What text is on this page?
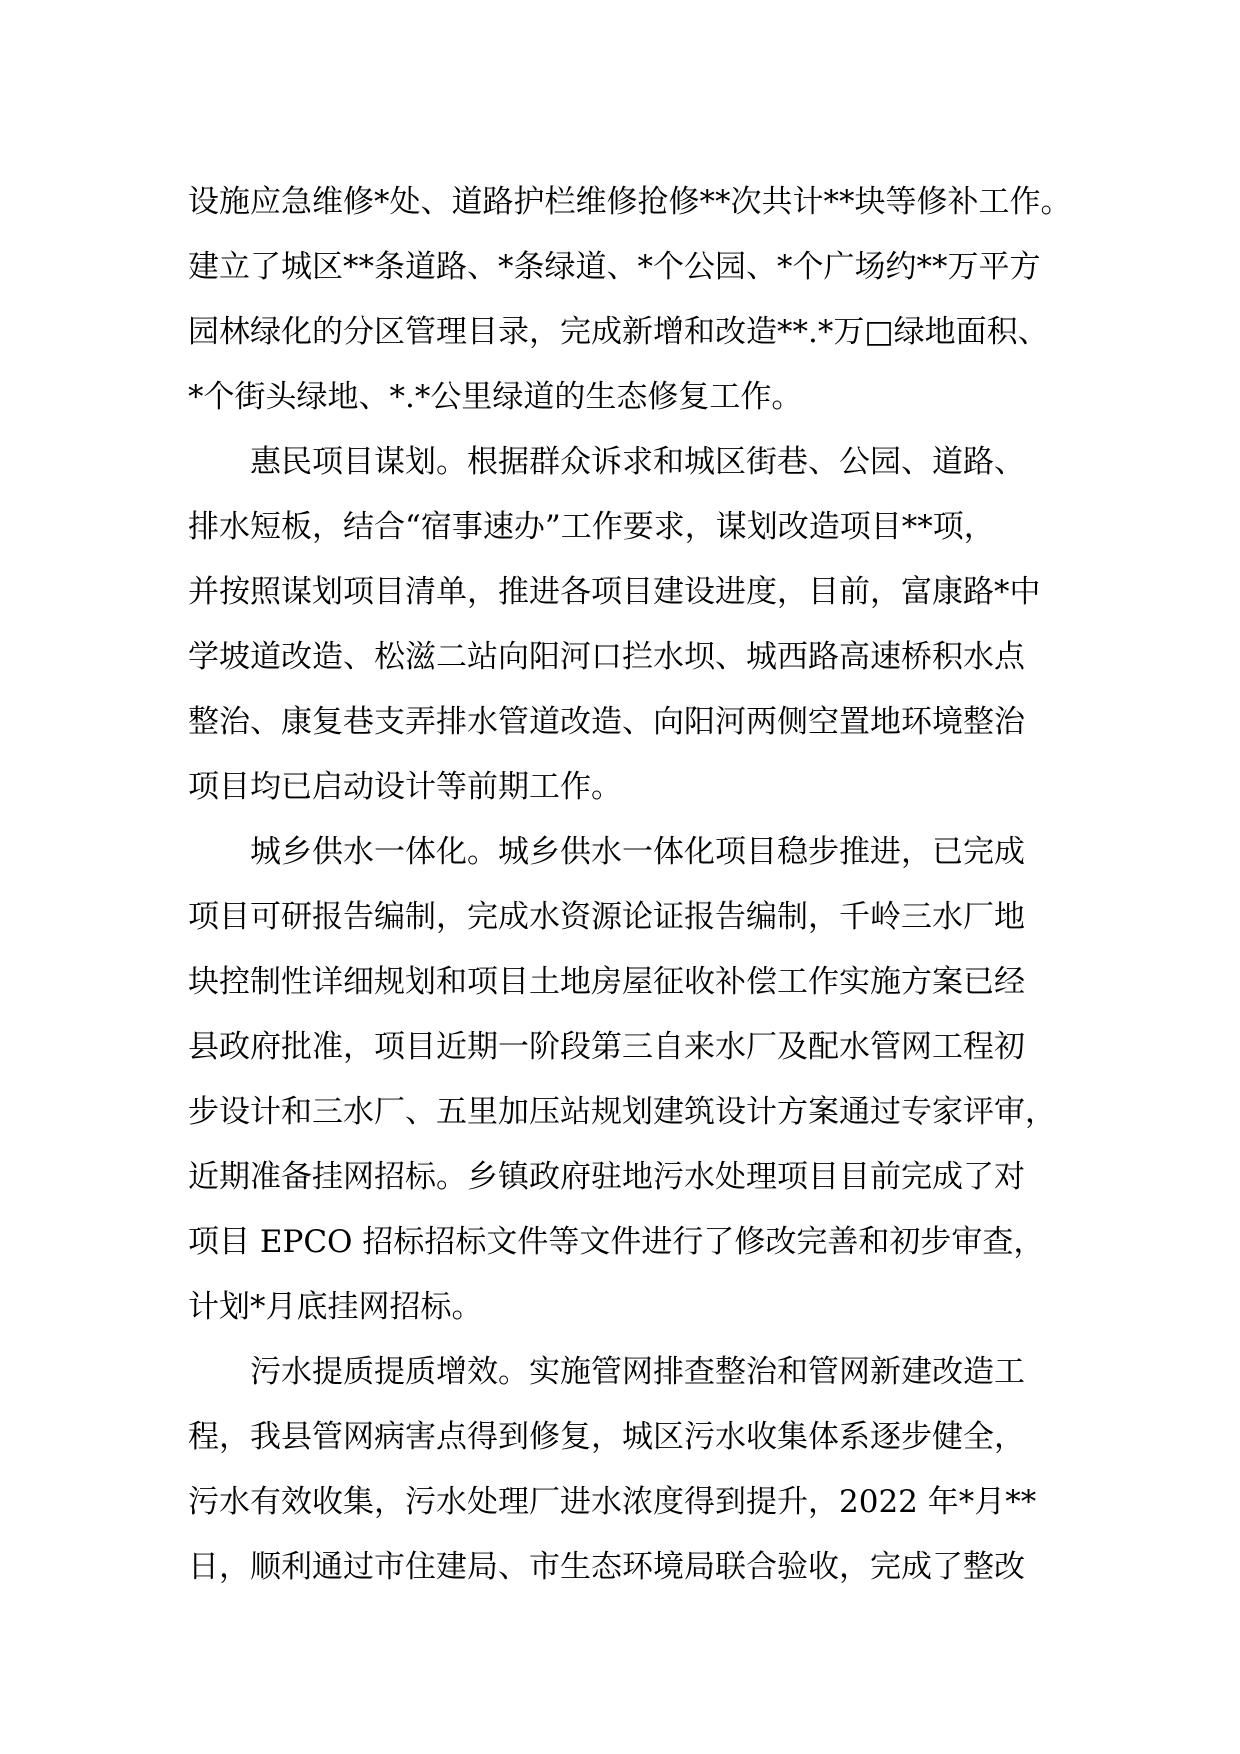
设施应急维修*处、道路护栏维修抢修**次共计**块等修补工作。
建立了城区**条道路、*条绿道、*个公园、*个广场约**万平方
园林绿化的分区管理目录，完成新增和改造**.*万□绿地面积、
*个街头绿地、*.*公里绿道的生态修复工作。
惠民项目谋划。根据群众诉求和城区街巷、公园、道路、
排水短板，结合“宿事速办”工作要求，谋划改造项目**项，
并按照谋划项目清单，推进各项目建设进度，目前，富康路*中
学坡道改造、松滋二站向阳河口拦水坝、城西路高速桥积水点
整治、康复巷支弄排水管道改造、向阳河两侧空置地环境整治
项目均已启动设计等前期工作。
城乡供水一体化。城乡供水一体化项目稳步推进，已完成
项目可研报告编制，完成水资源论证报告编制，千岭三水厂地
块控制性详细规划和项目土地房屋征收补偿工作实施方案已经
县政府批准，项目近期一阶段第三自来水厂及配水管网工程初
步设计和三水厂、五里加压站规划建筑设计方案通过专家评审，
近期准备挂网招标。乡镇政府驻地污水处理项目目前完成了对
项目 EPCO 招标招标文件等文件进行了修改完善和初步审查，
计划*月底挂网招标。
污水提质提质增效。实施管网排查整治和管网新建改造工
程，我县管网病害点得到修复，城区污水收集体系逐步健全，
污水有效收集，污水处理厂进水浓度得到提升，2022 年*月**
日，顺利通过市住建局、市生态环境局联合验收，完成了整改
